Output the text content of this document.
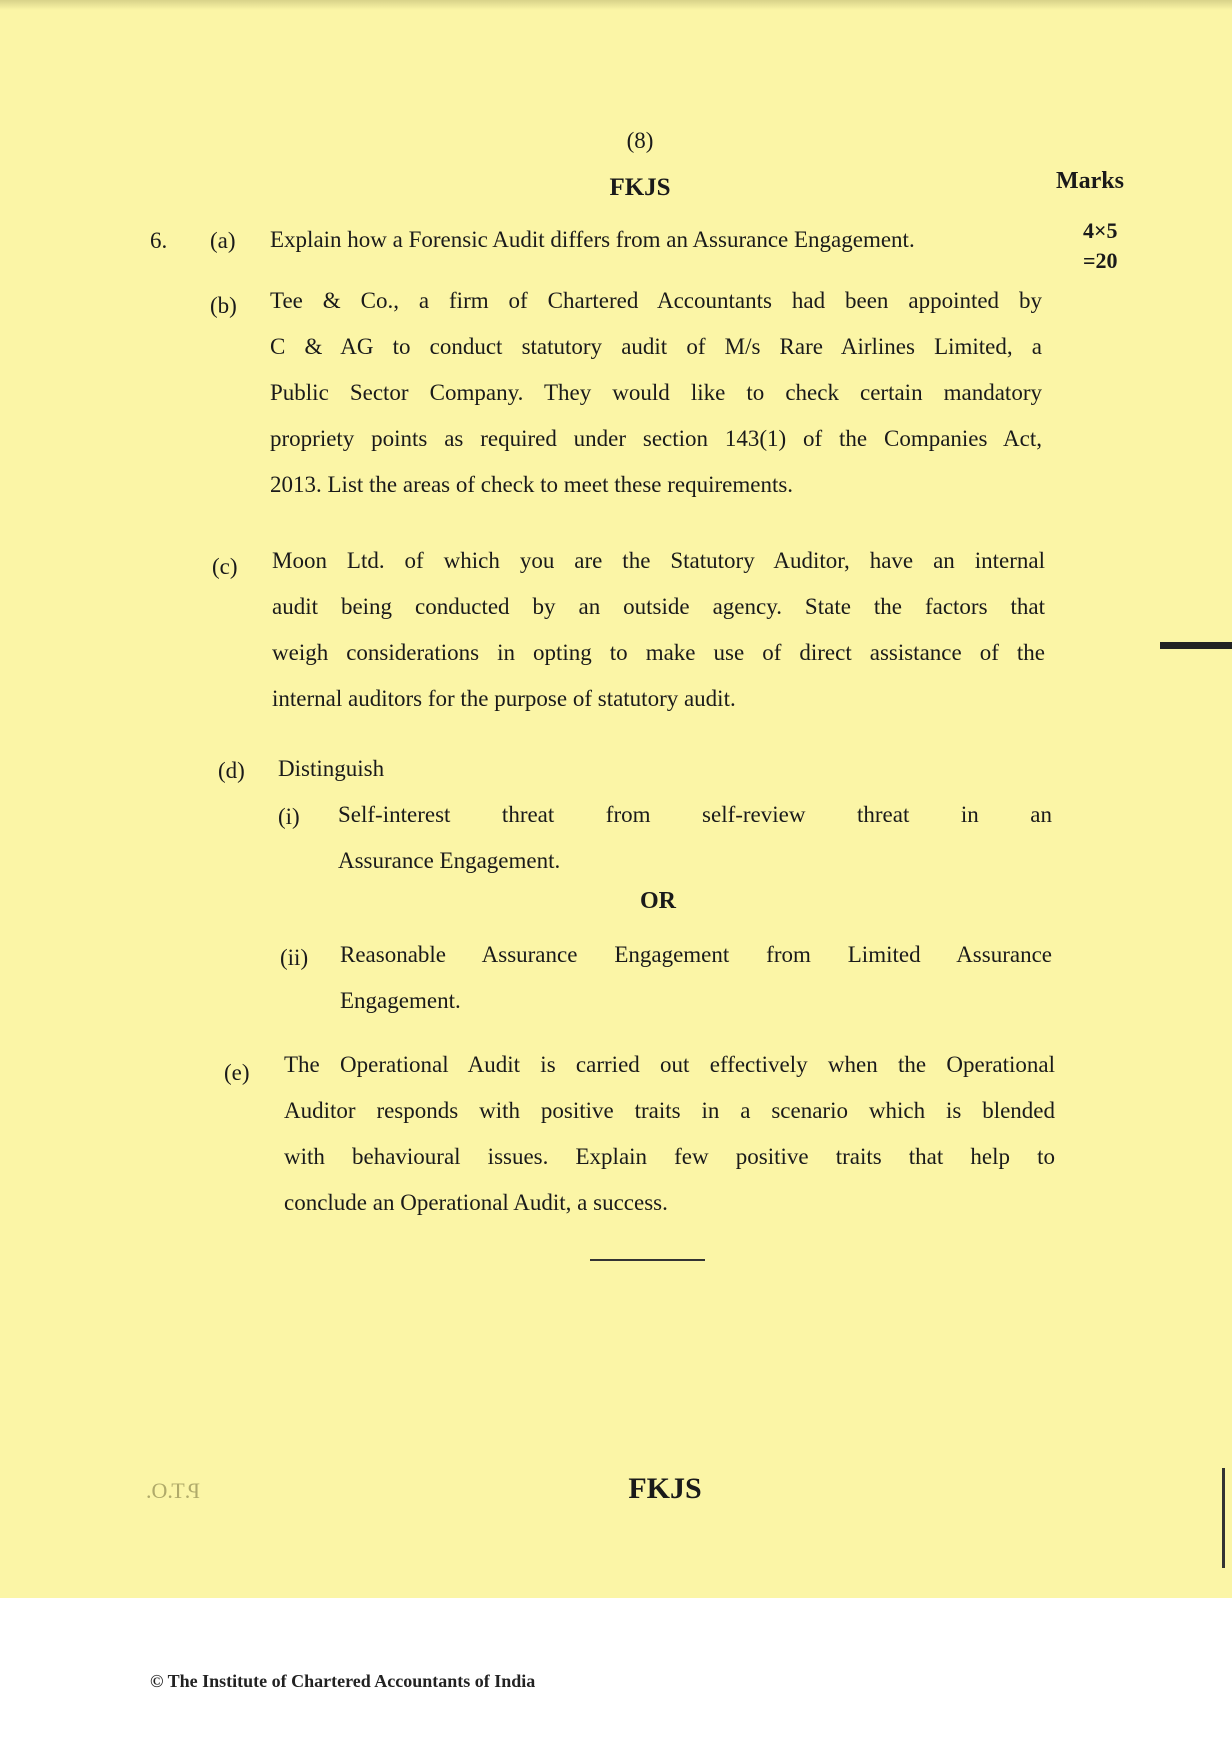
(8)
FKJS	Marks
4×5
=20
6. (a) Explain how a Forensic Audit differs from an Assurance Engagement.
(b) Tee & Co., a firm of Chartered Accountants had been appointed by
C & AG to conduct statutory audit of M/s Rare Airlines Limited, a
Public Sector Company. They would like to check certain mandatory
propriety points as required under section 143(1) of the Companies Act,
2013. List the areas of check to meet these requirements.
(c) Moon Ltd. of which you are the Statutory Auditor, have an internal
audit being conducted by an outside agency. State the factors that
weigh considerations in opting to make use of direct assistance of the
internal auditors for the purpose of statutory audit.
(d) Distinguish
(i) Self-interest threat from self-review threat in an
Assurance Engagement.
OR
(ii) Reasonable Assurance Engagement from Limited Assurance
Engagement.
(e) The Operational Audit is carried out effectively when the Operational
Auditor responds with positive traits in a scenario which is blended
with behavioural issues. Explain few positive traits that help to
conclude an Operational Audit, a success.
P.T.O.	FKJS
© The Institute of Chartered Accountants of India
